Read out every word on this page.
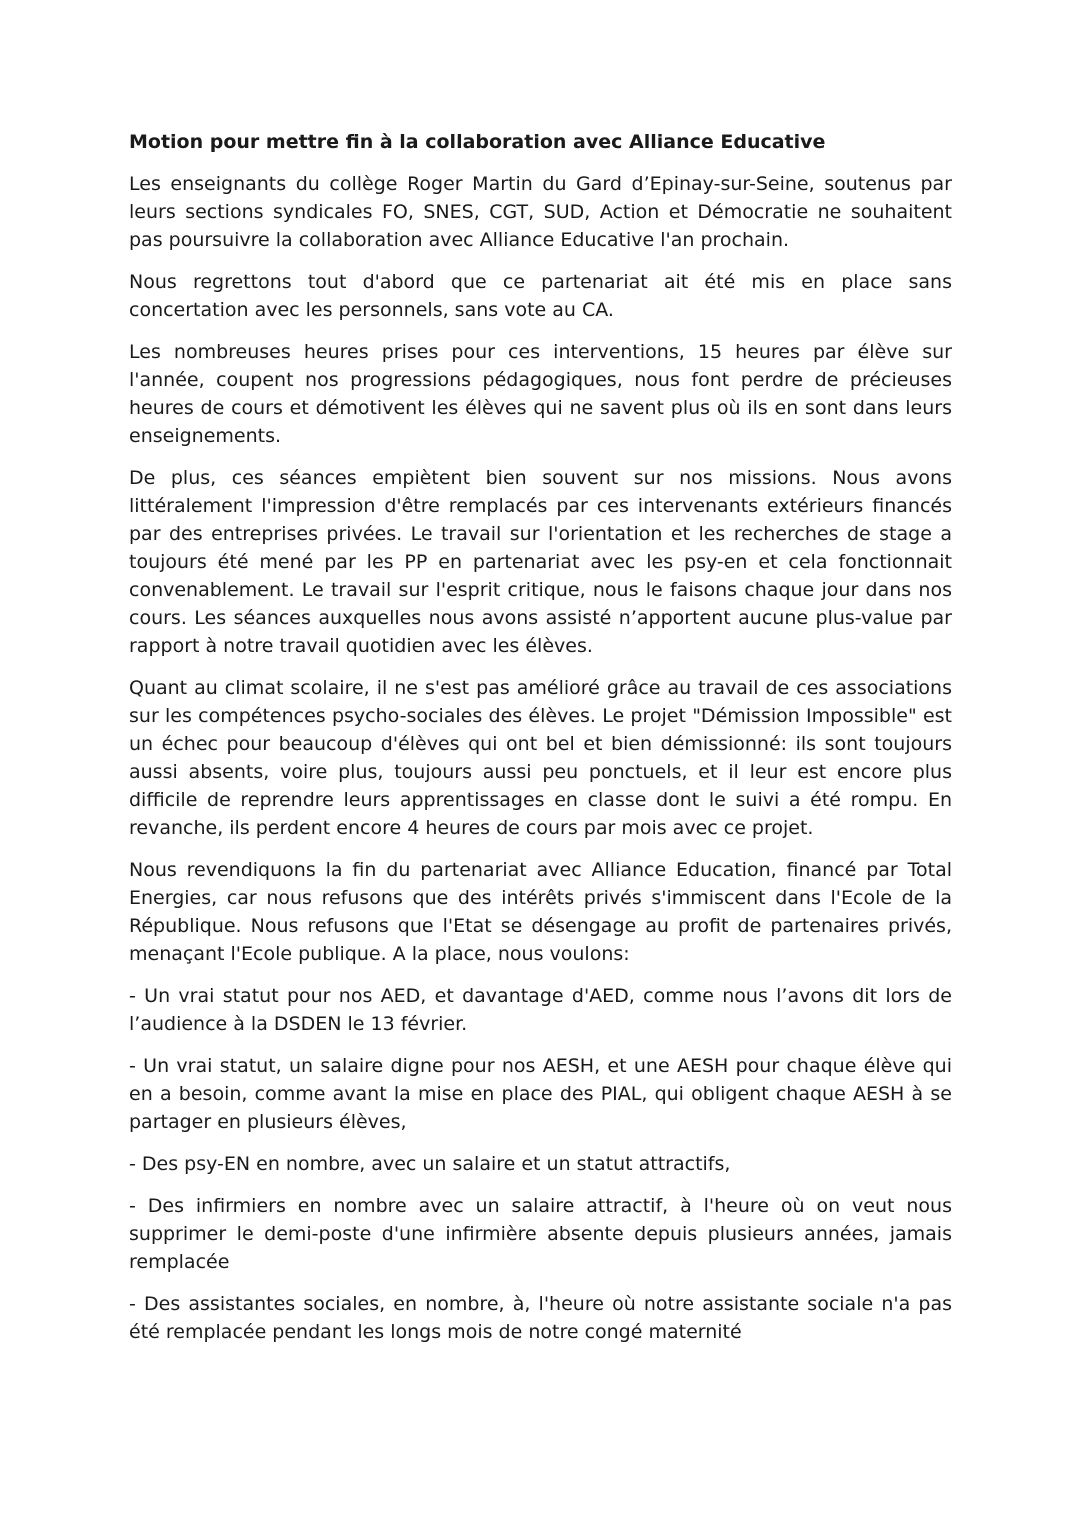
Motion pour mettre fin à la collaboration avec Alliance Educative

Les enseignants du collège Roger Martin du Gard d’Epinay-sur-Seine, soutenus par leurs sections syndicales FO, SNES, CGT, SUD, Action et Démocratie ne souhaitent pas poursuivre la collaboration avec Alliance Educative l'an prochain.

Nous regrettons tout d'abord que ce partenariat ait été mis en place sans concertation avec les personnels, sans vote au CA.

Les nombreuses heures prises pour ces interventions, 15 heures par élève sur l'année, coupent nos progressions pédagogiques, nous font perdre de précieuses heures de cours et démotivent les élèves qui ne savent plus où ils en sont dans leurs enseignements.

De plus, ces séances empiètent bien souvent sur nos missions. Nous avons littéralement l'impression d'être remplacés par ces intervenants extérieurs financés par des entreprises privées. Le travail sur l'orientation et les recherches de stage a toujours été mené par les PP en partenariat avec les psy-en et cela fonctionnait convenablement. Le travail sur l'esprit critique, nous le faisons chaque jour dans nos cours. Les séances auxquelles nous avons assisté n’apportent aucune plus-value par rapport à notre travail quotidien avec les élèves.

Quant au climat scolaire, il ne s'est pas amélioré grâce au travail de ces associations sur les compétences psycho-sociales des élèves. Le projet "Démission Impossible" est un échec pour beaucoup d'élèves qui ont bel et bien démissionné: ils sont toujours aussi absents, voire plus, toujours aussi peu ponctuels, et il leur est encore plus difficile de reprendre leurs apprentissages en classe dont le suivi a été rompu. En revanche, ils perdent encore 4 heures de cours par mois avec ce projet.

Nous revendiquons la fin du partenariat avec Alliance Education, financé par Total Energies, car nous refusons que des intérêts privés s'immiscent dans l'Ecole de la République. Nous refusons que l'Etat se désengage au profit de partenaires privés, menaçant l'Ecole publique. A la place, nous voulons:

- Un vrai statut pour nos AED, et davantage d'AED, comme nous l’avons dit lors de l’audience à la DSDEN le 13 février.

- Un vrai statut, un salaire digne pour nos AESH, et une AESH pour chaque élève qui en a besoin, comme avant la mise en place des PIAL, qui obligent chaque AESH à se partager en plusieurs élèves,

- Des psy-EN en nombre, avec un salaire et un statut attractifs,

- Des infirmiers en nombre avec un salaire attractif, à l'heure où on veut nous supprimer le demi-poste d'une infirmière absente depuis plusieurs années, jamais remplacée

- Des assistantes sociales, en nombre, à, l'heure où notre assistante sociale n'a pas été remplacée pendant les longs mois de notre congé maternité
